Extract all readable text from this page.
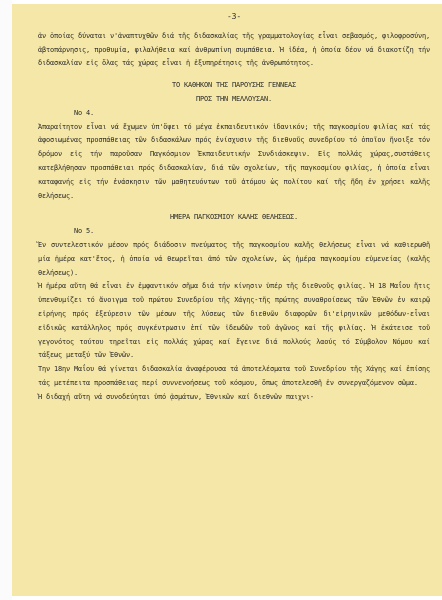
-3-

ἀν ὁποίας δύναται ν'ἀναπτυχθῶν διά τῆς διδασκαλίας τῆς γραμματολογίας εἶναι σεβασμός, φιλοφροσύνη, ἀβτοπάρνησις, προθυμία, φιλαλήθεια καί ἀνθρωπίνη συμπάθεια. Ἡ ἰδέα, ἡ ὁποία δέον νά διακοτίζη τήν διδασκαλίαν εἰς ὅλας τάς χώρας εἶναι ἡ ἐξυπηρέτησις τῆς ἀνθρωπότητος.

ΤΟ ΚΑΘΗΚΟΝ ΤΗΣ ΠΑΡΟΥΣΗΣ ΓΕΝΝΕΑΣ

ΠΡΟΣ ΤΗΝ ΜΕΛΛΟΥΣΑΝ.

Νο 4.

Ἀπαραίτητον εἶναι νά ἔχωμεν ὑπ'ὄψει τό μέγα ἐκπαιδευτικόν ἰδανικόν; τῆς παγκοσμίου φιλίας καί τάς ἀφοσιωμένας προσπάθειας τῶν διδασκάλων πρός ἐνίσχυσιν τῆς διεθνοῦς συνεδρίου τό ὁποῖον ἤνοιξε τόν δρόμον εἰς τήν παροῦσαν Παγκόσμιον Ἐκπαιδευτικήν Συνδιάσκεψιν. Εἰς πολλάς χώρας,συστάθεις κατεβλήθησαν προσπάθειαι πρός διδασκαλίαν, διά τῶν σχολείων, τῆς παγκοσμίου φιλίας, ἡ ὁποία εἶναι καταφανής εἰς τήν ἐνάσκησιν τῶν μαθητευόντων τοῦ ἀτόμου ὡς πολίτου καί τῆς ἤδη ἐν χρήσει καλῆς θελήσεως.

ΗΜΕΡΑ ΠΑΓΚΟΣΜΙΟΥ ΚΑΛΗΣ ΘΕΛΗΣΕΩΣ.

Νο 5.

Ἕν συντελεστικόν μέσον πρός διάδοσιν πνεύματος τῆς παγκοσμίου καλῆς θελήσεως εἶναι νά καθιερωθῆ μία ἡμέρα κατ'ἔτος, ἡ ὁποία νά θεωρεῖται ἀπό τῶν σχολείων, ὡς ἡμέρα παγκοσμίου εὐμενείας (καλῆς θελήσεως).

Ἡ ἡμέρα αὕτη θά εἶναι ἐν ἐμφαντικόν σῆμα διά τήν κίνησιν ὑπέρ τῆς διεθνοῦς φιλίας. Ἡ 18 Μαΐου ἥτις ὑπενθυμίζει τό ἄνοιγμα τοῦ πρώτου Συνεδρίου τῆς Χάγης-τῆς πρώτης συναθροίσεως τῶν Ἐθνῶν ἐν καιρῷ εἰρήνης πρός ἐξεύρεσιν τῶν μέσων τῆς λύσεως τῶν διεθνῶν διαφορῶν δι'εἰρηνικῶν μεθόδων-εἶναι εἰδικῶς κατάλληλος πρός συγκέντρωσιν ἐπί τῶν ἰδεωδῶν τοῦ ἀγῶνος καί τῆς φιλίας. Ἡ ἐκάτεισε τοῦ γεγονότος τούτου τηρεῖται εἰς πολλάς χώρας καί ἔγεινε διά πολλούς λαούς τό Σύμβολον Νόμου καί τάξεως μεταξύ τῶν Ἐθνῶν.

Την 18ην Μαΐου θά γίνεται διδασκαλία ἀναφέρουσα τά ἀποτελέσματα τοῦ Συνεδρίου τῆς Χάγης καί ἐπίσης τάς μετέπειτα προσπάθειας περί συννενοήσεως τοῦ κόσμου, ὅπως ἀποτελεσθῆ ἐν συνεργαζόμενον σῶμα.

Ἡ διδαχή αὕτη νά συνοδεύηται ὑπό ᾀσμάτων, Ἐθνικῶν καί διεθνῶν παιχνι-
